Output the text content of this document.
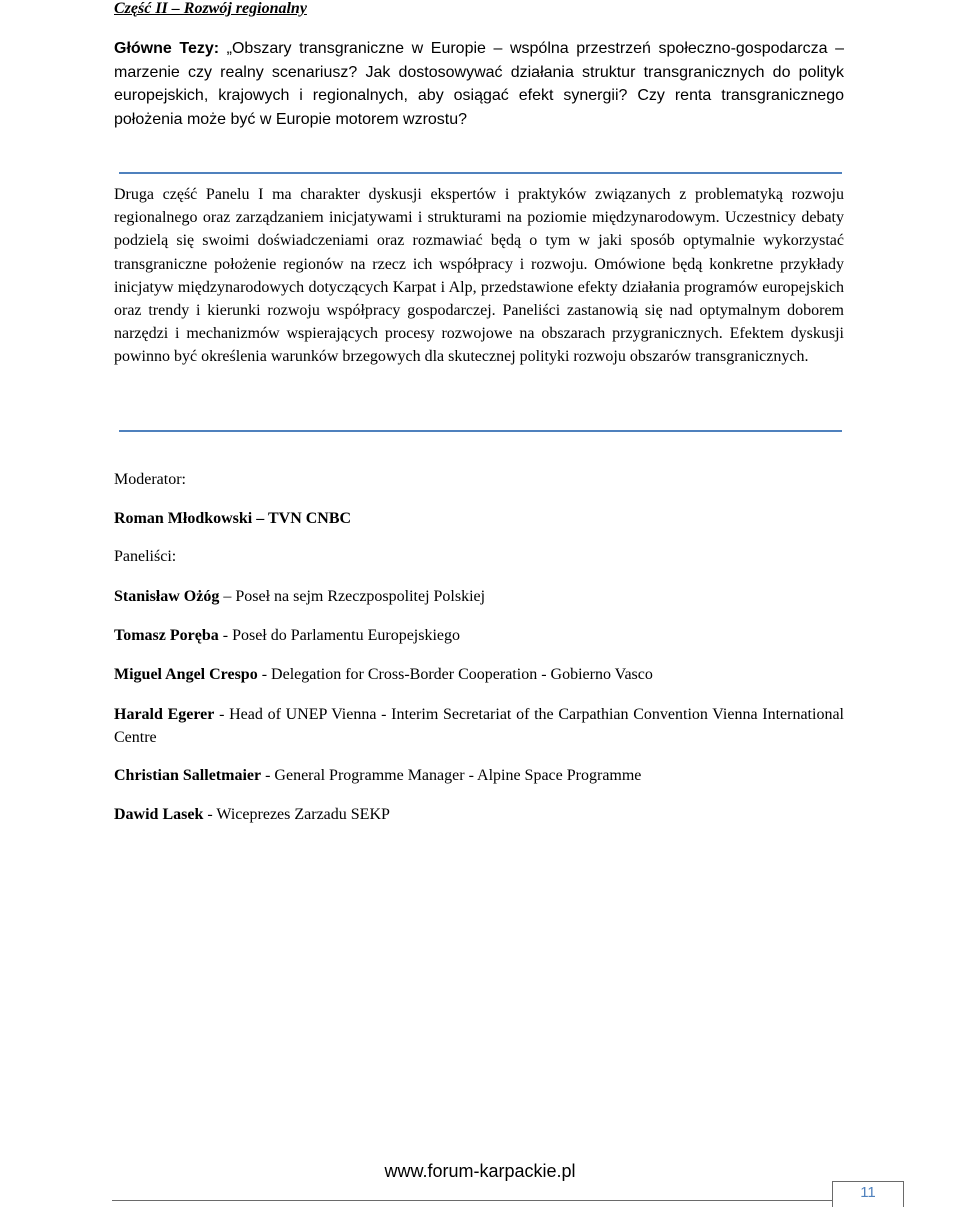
Część II – Rozwój regionalny
Główne Tezy: „Obszary transgraniczne w Europie – wspólna przestrzeń społeczno-gospodarcza – marzenie czy realny scenariusz? Jak dostosowywać działania struktur transgranicznych do polityk europejskich, krajowych i regionalnych, aby osiągać efekt synergii? Czy renta transgranicznego położenia może być w Europie motorem wzrostu?
Druga część Panelu I ma charakter dyskusji ekspertów i praktyków związanych z problematyką rozwoju regionalnego oraz zarządzaniem inicjatywami i strukturami na poziomie międzynarodowym. Uczestnicy debaty podzielą się swoimi doświadczeniami oraz rozmawiać będą o tym w jaki sposób optymalnie wykorzystać transgraniczne położenie regionów na rzecz ich współpracy i rozwoju. Omówione będą konkretne przykłady inicjatyw międzynarodowych dotyczących Karpat i Alp, przedstawione efekty działania programów europejskich oraz trendy i kierunki rozwoju współpracy gospodarczej. Paneliści zastanowią się nad optymalnym doborem narzędzi i mechanizmów wspierających procesy rozwojowe na obszarach przygranicznych. Efektem dyskusji powinno być określenia warunków brzegowych dla skutecznej polityki rozwoju obszarów transgranicznych.
Moderator:
Roman Młodkowski – TVN CNBC
Paneliści:
Stanisław Ożóg – Poseł na sejm Rzeczpospolitej Polskiej
Tomasz Poręba - Poseł do Parlamentu Europejskiego
Miguel Angel Crespo - Delegation for Cross-Border Cooperation - Gobierno Vasco
Harald Egerer - Head of UNEP Vienna - Interim Secretariat of the Carpathian Convention Vienna International Centre
Christian Salletmaier - General Programme Manager - Alpine Space Programme
Dawid Lasek - Wiceprezes Zarzadu SEKP
www.forum-karpackie.pl
11
